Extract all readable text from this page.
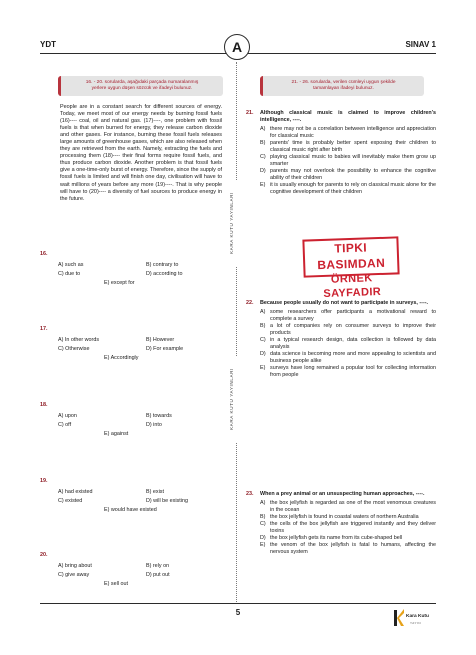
YDT	SINAV 1
A
KARA KUTU YAYINLARI
KARA KUTU YAYINLARI
16. - 20. sorularda, aşağıdaki parçada numaralanmış
yerlere uygun düşen sözcük ve ifadeyi bulunuz.
21. - 26. sorularda, verilen cümleyi uygun şekilde
tamamlayan ifadeyi bulunuz.
People are in a constant search for different sources of energy. Today, we meet most of our energy needs by burning fossil fuels (16)---- coal, oil and natural gas. (17)----, one problem with fossil fuels is that when burned for energy, they release carbon dioxide and other gases. For instance, burning these fossil fuels releases large amounts of greenhouse gases, which are also released when they are retrieved from the earth. Namely, extracting the fuels and processing them (18)---- their final forms require fossil fuels, and thus produce carbon dioxide. Another problem is that fossil fuels give a one-time-only burst of energy. Therefore, since the supply of fossil fuels is limited and will finish one day, civilisation will have to wait millions of years before any more (19)----. That is why people will have to (20)---- a diversity of fuel sources to produce energy in the future.
16.
A) such as	B) contrary to
C) due to	D) according to
E) except for
17.
A) In other words	B) However
C) Otherwise	D) For example
E) Accordingly
18.
A) upon	B) towards
C) off	D) into
E) against
19.
A) had existed	B) exist
C) existed	D) will be existing
E) would have existed
20.
A) bring about	B) rely on
C) give away	D) put out
E) sell out
21. Although classical music is claimed to improve children's intelligence, ----.
A) there may not be a correlation between intelligence and appreciation for classical music
B) parents' time is probably better spent exposing their children to classical music right after birth
C) playing classical music to babies will inevitably make them grow up smarter
D) parents may not overlook the possibility to enhance the cognitive ability of their children
E) it is usually enough for parents to rely on classical music alone for the cognitive development of their children
TIPKI BASIMDAN
ÖRNEK SAYFADIR
22. Because people usually do not want to participate in surveys, ----.
A) some researchers offer participants a motivational reward to complete a survey
B) a lot of companies rely on consumer surveys to improve their products
C) in a typical research design, data collection is followed by data analysis
D) data science is becoming more and more appealing to scientists and business people alike
E) surveys have long remained a popular tool for collecting information from people
23. When a prey animal or an unsuspecting human approaches, ----.
A) the box jellyfish is regarded as one of the most venomous creatures in the ocean
B) the box jellyfish is found in coastal waters of northern Australia
C) the cells of the box jellyfish are triggered instantly and they deliver toxins
D) the box jellyfish gets its name from its cube-shaped bell
E) the venom of the box jellyfish is fatal to humans, affecting the nervous system
5	Kara Kutu
YAYIN
